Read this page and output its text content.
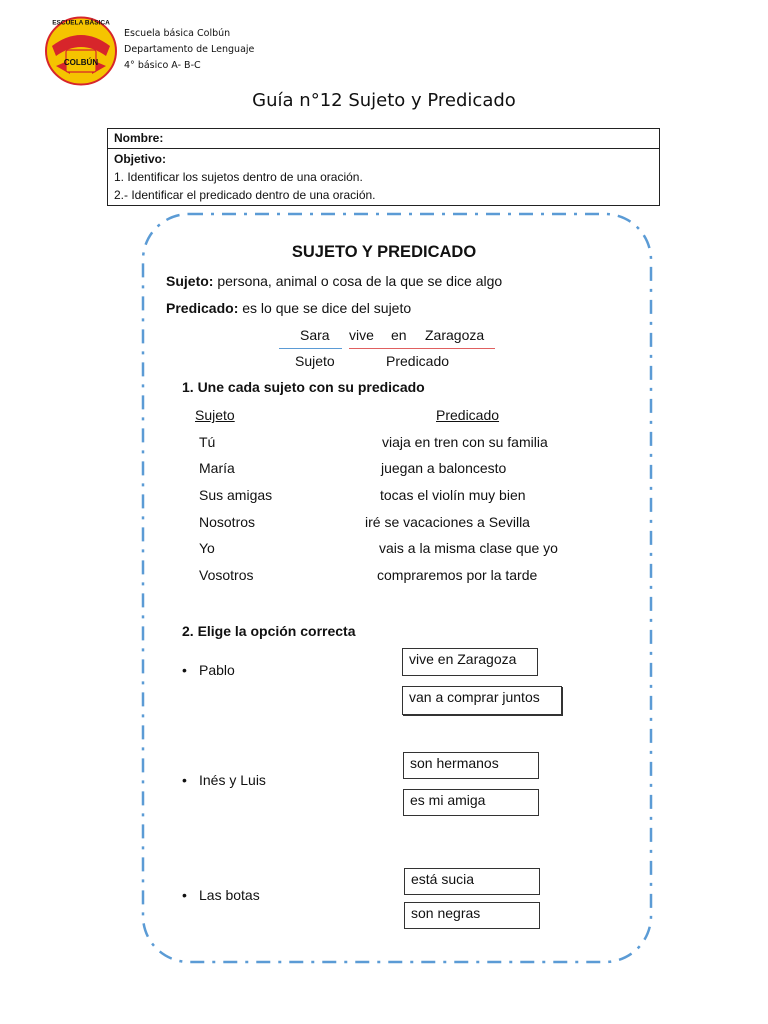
ESCUELA BÁSICA
COLBÚN
Escuela básica Colbún
Departamento de Lenguaje
4° básico A- B-C
Guía n°12 Sujeto y Predicado
Nombre:
Objetivo:
1. Identificar los sujetos dentro de una oración.
2.- Identificar el predicado dentro de una oración.
SUJETO Y PREDICADO
Sujeto: persona, animal o cosa de la que se dice algo
Predicado: es lo que se dice del sujeto
Sara vive en Zaragoza
Sujeto	Predicado
1. Une cada sujeto con su predicado
Sujeto	Predicado
Tú
María
Sus amigas
Nosotros
Yo
Vosotros
viaja en tren con su familia
juegan a baloncesto
tocas el violín muy bien
iré se vacaciones a Sevilla
vais a la misma clase que yo
compraremos por la tarde
2. Elige la opción correcta
• Pablo
vive en Zaragoza
van a comprar juntos
• Inés y Luis
son hermanos
es mi amiga
• Las botas
está sucia
son negras
